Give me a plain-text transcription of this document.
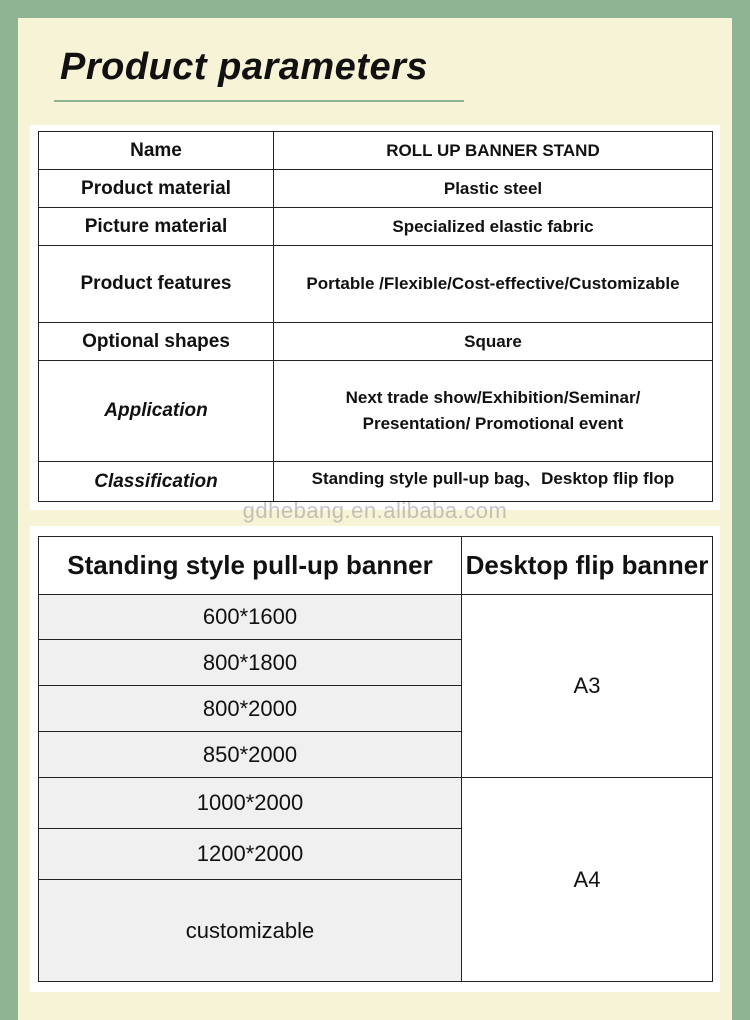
Product parameters
Name	ROLL UP BANNER STAND
Product material	Plastic steel
Picture material	Specialized elastic fabric
Product features	Portable /Flexible/Cost-effective/Customizable
Optional shapes	Square
Application	Next trade show/Exhibition/Seminar/
Presentation/ Promotional event
Classification	Standing style pull-up bag、Desktop flip flop
gdhebang.en.alibaba.com
Standing style pull-up banner	Desktop flip banner
600*1600	A3
800*1800	
800*2000	
850*2000	
1000*2000	A4
1200*2000	
customizable	
